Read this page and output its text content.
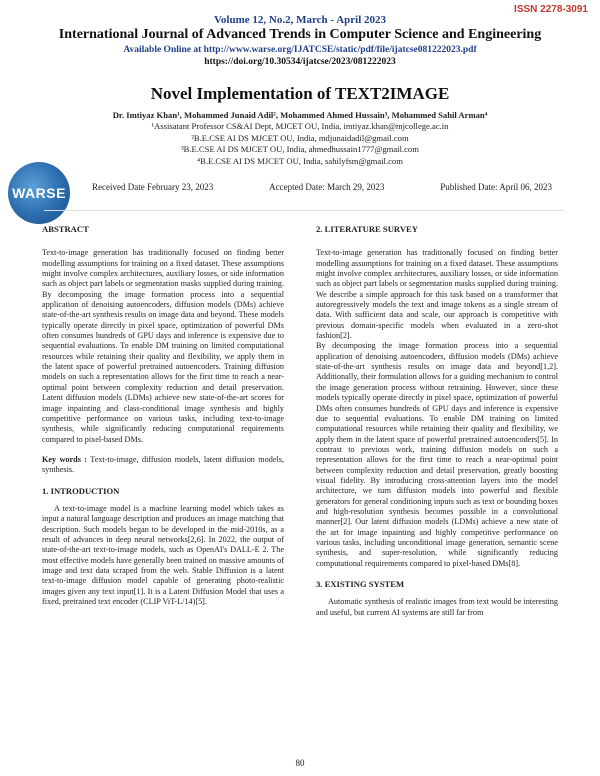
ISSN 2278-3091
Volume 12, No.2, March - April 2023
International Journal of Advanced Trends in Computer Science and Engineering
Available Online at http://www.warse.org/IJATCSE/static/pdf/file/ijatcse081222023.pdf
https://doi.org/10.30534/ijatcse/2023/081222023
WARSE
Novel Implementation of TEXT2IMAGE
Dr. Imtiyaz Khan¹, Mohammed Junaid Adil², Mohammed Ahmed Hussain³, Mohammed Sahil Arman⁴
¹Assisatant Professor CS&AI Dept, MJCET OU, India, imtiyaz.khan@mjcollege.ac.in
²B.E.CSE AI DS MJCET OU, India, mdjunaidadil@gmail.com
³B.E.CSE AI DS MJCET OU, India, ahmedhussain1777@gmail.com
⁴B.E.CSE AI DS MJCET OU, India, sahilyfsm@gmail.com
Received Date February 23, 2023	Accepted Date: March 29, 2023	Published Date: April 06, 2023
ABSTRACT

Text-to-image generation has traditionally focused on finding better modelling assumptions for training on a fixed dataset. These assumptions might involve complex architectures, auxiliary losses, or side information such as object part labels or segmentation masks supplied during training. By decomposing the image formation process into a sequential application of denoising autoencoders, diffusion models (DMs) achieve state-of-the-art synthesis results on image data and beyond. These models typically operate directly in pixel space, optimization of powerful DMs often consumes hundreds of GPU days and inference is expensive due to sequential evaluations. To enable DM training on limited computational resources while retaining their quality and flexibility, we apply them in the latent space of powerful pretrained autoencoders. Training diffusion models on such a representation allows for the first time to reach a near-optimal point between complexity reduction and detail preservation. Latent diffusion models (LDMs) achieve new state-of-the-art scores for image inpainting and class-conditional image synthesis and highly competitive performance on various tasks, including text-to-image synthesis, while significantly reducing computational requirements compared to pixel-based DMs.

Key words : Text-to-image, diffusion models, latent diffusion models, synthesis.

1. INTRODUCTION

A text-to-image model is a machine learning model which takes as input a natural language description and produces an image matching that description. Such models began to be developed in the mid-2010s, as a result of advances in deep neural networks[2,6]. In 2022, the output of state-of-the-art text-to-image models, such as OpenAI's DALL-E 2. The most effective models have generally been trained on massive amounts of image and text data scraped from the web. Stable Diffusion is a latent text-to-image diffusion model capable of generating photo-realistic images given any text input[1]. It is a Latent Diffusion Model that uses a fixed, pretrained text encoder (CLIP ViT-L/14)[5].

2. LITERATURE SURVEY

Text-to-image generation has traditionally focused on finding better modelling assumptions for training on a fixed dataset. These assumptions might involve complex architectures, auxiliary losses, or side information such as object part labels or segmentation masks supplied during training. We describe a simple approach for this task based on a transformer that autoregressively models the text and image tokens as a single stream of data. With sufficient data and scale, our approach is competitive with previous domain-specific models when evaluated in a zero-shot fashion[2].

By decomposing the image formation process into a sequential application of denoising autoencoders, diffusion models (DMs) achieve state-of-the-art synthesis results on image data and beyond[1,2]. Additionally, their formulation allows for a guiding mechanism to control the image generation process without retraining. However, since these models typically operate directly in pixel space, optimization of powerful DMs often consumes hundreds of GPU days and inference is expensive due to sequential evaluations. To enable DM training on limited computational resources while retaining their quality and flexibility, we apply them in the latent space of powerful pretrained autoencoders[5]. In contrast to previous work, training diffusion models on such a representation allows for the first time to reach a near-optimal point between complexity reduction and detail preservation, greatly boosting visual fidelity. By introducing cross-attention layers into the model architecture, we turn diffusion models into powerful and flexible generators for general conditioning inputs such as text or bounding boxes and high-resolution synthesis becomes possible in a convolutional manner[2]. Our latent diffusion models (LDMs) achieve a new state of the art for image inpainting and highly competitive performance on various tasks, including unconditional image generation, semantic scene synthesis, and super-resolution, while significantly reducing computational requirements compared to pixel-based DMs[8].

3. EXISTING SYSTEM

Automatic synthesis of realistic images from text would be interesting and useful, but current AI systems are still far from

80
